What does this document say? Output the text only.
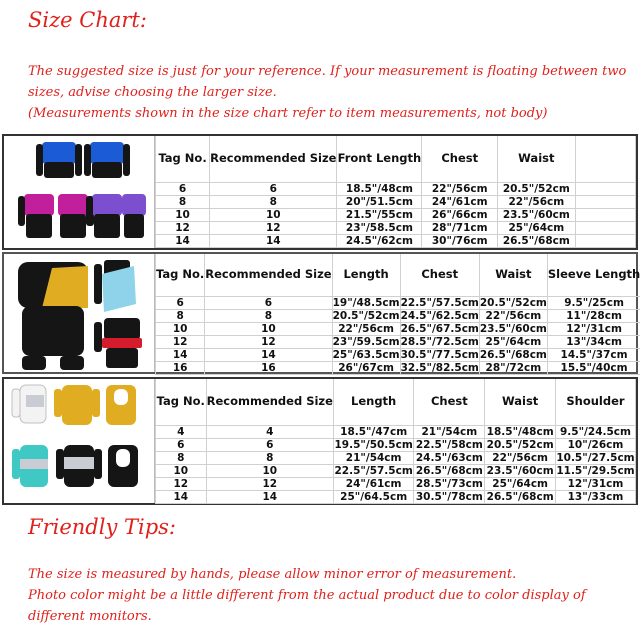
Size Chart:
The suggested size is just for your reference. If your measurement is floating between two
sizes, advise choosing the larger size.
(Measurements shown in the size chart refer to item measurements, not body)
Tag No.	Recommended Size	Front Length	Chest	Waist	
6	6	18.5"/48cm	22"/56cm	20.5"/52cm	
8	8	20"/51.5cm	24"/61cm	22"/56cm	
10	10	21.5"/55cm	26"/66cm	23.5"/60cm	
12	12	23"/58.5cm	28"/71cm	25"/64cm	
14	14	24.5"/62cm	30"/76cm	26.5"/68cm	
Tag No.	Recommended Size	Length	Chest	Waist	Sleeve Length
6	6	19"/48.5cm	22.5"/57.5cm	20.5"/52cm	9.5"/25cm
8	8	20.5"/52cm	24.5"/62.5cm	22"/56cm	11"/28cm
10	10	22"/56cm	26.5"/67.5cm	23.5"/60cm	12"/31cm
12	12	23"/59.5cm	28.5"/72.5cm	25"/64cm	13"/34cm
14	14	25"/63.5cm	30.5"/77.5cm	26.5"/68cm	14.5"/37cm
16	16	26"/67cm	32.5"/82.5cm	28"/72cm	15.5"/40cm
Tag No.	Recommended Size	Length	Chest	Waist	Shoulder
4	4	18.5"/47cm	21"/54cm	18.5"/48cm	9.5"/24.5cm
6	6	19.5"/50.5cm	22.5"/58cm	20.5"/52cm	10"/26cm
8	8	21"/54cm	24.5"/63cm	22"/56cm	10.5"/27.5cm
10	10	22.5"/57.5cm	26.5"/68cm	23.5"/60cm	11.5"/29.5cm
12	12	24"/61cm	28.5"/73cm	25"/64cm	12"/31cm
14	14	25"/64.5cm	30.5"/78cm	26.5"/68cm	13"/33cm
Friendly Tips:
The size is measured by hands, please allow minor error of measurement.
Photo color might be a little different from the actual product due to color display of
different monitors.
